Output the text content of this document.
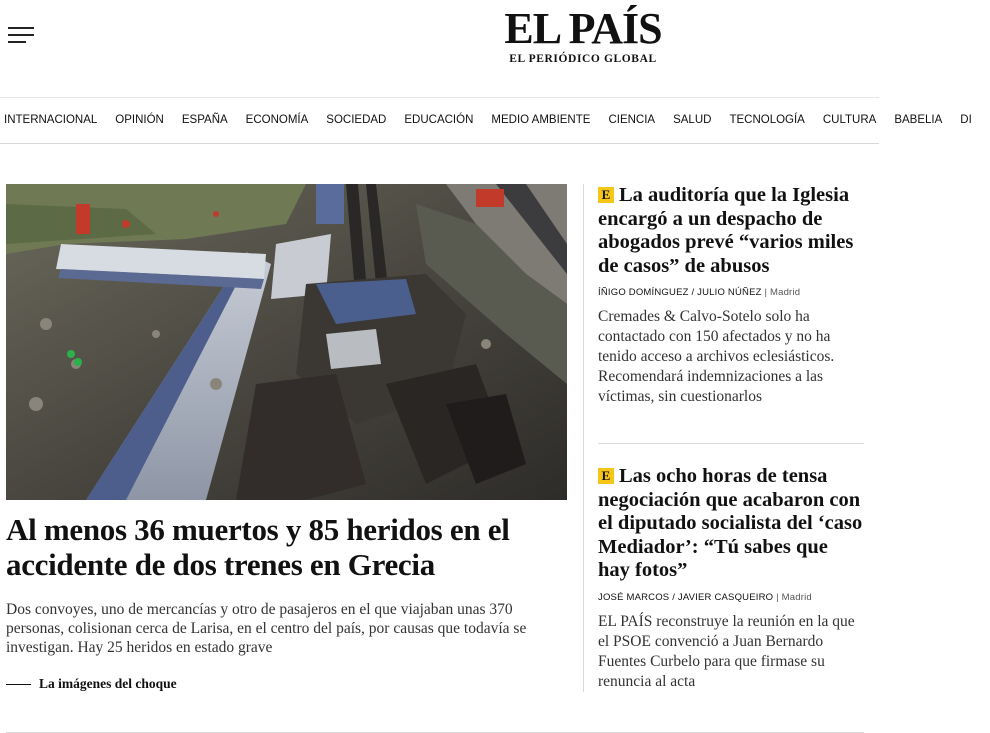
EL PAÍS
EL PERIÓDICO GLOBAL
INTERNACIONAL OPINIÓN ESPAÑA ECONOMÍA SOCIEDAD EDUCACIÓN MEDIO AMBIENTE CIENCIA SALUD TECNOLOGÍA CULTURA BABELIA DI
Al menos 36 muertos y 85 heridos en el accidente de dos trenes en Grecia

Dos convoyes, uno de mercancías y otro de pasajeros en el que viajaban unas 370 personas, colisionan cerca de Larisa, en el centro del país, por causas que todavía se investigan. Hay 25 heridos en estado grave

La imágenes del choque
E La auditoría que la Iglesia encargó a un despacho de abogados prevé “varios miles de casos” de abusos
ÍÑIGO DOMÍNGUEZ / JULIO NÚÑEZ | Madrid
Cremades & Calvo-Sotelo solo ha contactado con 150 afectados y no ha tenido acceso a archivos eclesiásticos. Recomendará indemnizaciones a las víctimas, sin cuestionarlos
E Las ocho horas de tensa negociación que acabaron con el diputado socialista del ‘caso Mediador’: “Tú sabes que hay fotos”
JOSÉ MARCOS / JAVIER CASQUEIRO | Madrid
EL PAÍS reconstruye la reunión en la que el PSOE convenció a Juan Bernardo Fuentes Curbelo para que firmase su renuncia al acta
